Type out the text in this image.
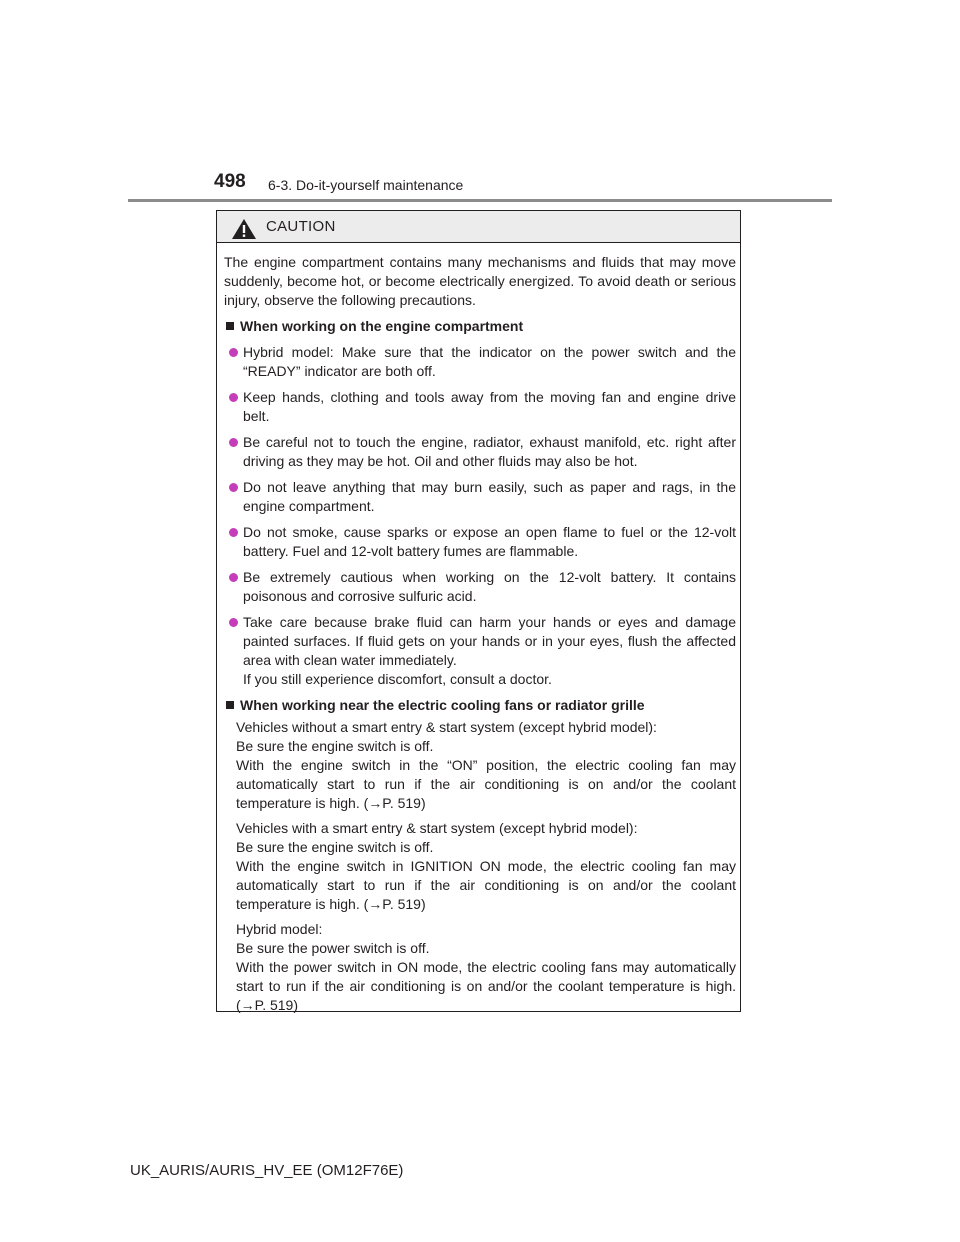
498 6-3. Do-it-yourself maintenance
CAUTION

The engine compartment contains many mechanisms and fluids that may move suddenly, become hot, or become electrically energized. To avoid death or serious injury, observe the following precautions.

When working on the engine compartment

Hybrid model: Make sure that the indicator on the power switch and the “READY” indicator are both off.

Keep hands, clothing and tools away from the moving fan and engine drive belt.

Be careful not to touch the engine, radiator, exhaust manifold, etc. right after driving as they may be hot. Oil and other fluids may also be hot.

Do not leave anything that may burn easily, such as paper and rags, in the engine compartment.

Do not smoke, cause sparks or expose an open flame to fuel or the 12-volt battery. Fuel and 12-volt battery fumes are flammable.

Be extremely cautious when working on the 12-volt battery. It contains poisonous and corrosive sulfuric acid.

Take care because brake fluid can harm your hands or eyes and damage painted surfaces. If fluid gets on your hands or in your eyes, flush the affected area with clean water immediately.
If you still experience discomfort, consult a doctor.

When working near the electric cooling fans or radiator grille

Vehicles without a smart entry & start system (except hybrid model):
Be sure the engine switch is off.
With the engine switch in the “ON” position, the electric cooling fan may automatically start to run if the air conditioning is on and/or the coolant temperature is high. (→P. 519)

Vehicles with a smart entry & start system (except hybrid model):
Be sure the engine switch is off.
With the engine switch in IGNITION ON mode, the electric cooling fan may automatically start to run if the air conditioning is on and/or the coolant temperature is high. (→P. 519)

Hybrid model:
Be sure the power switch is off.
With the power switch in ON mode, the electric cooling fans may automatically start to run if the air conditioning is on and/or the coolant temperature is high. (→P. 519)

UK_AURIS/AURIS_HV_EE (OM12F76E)
